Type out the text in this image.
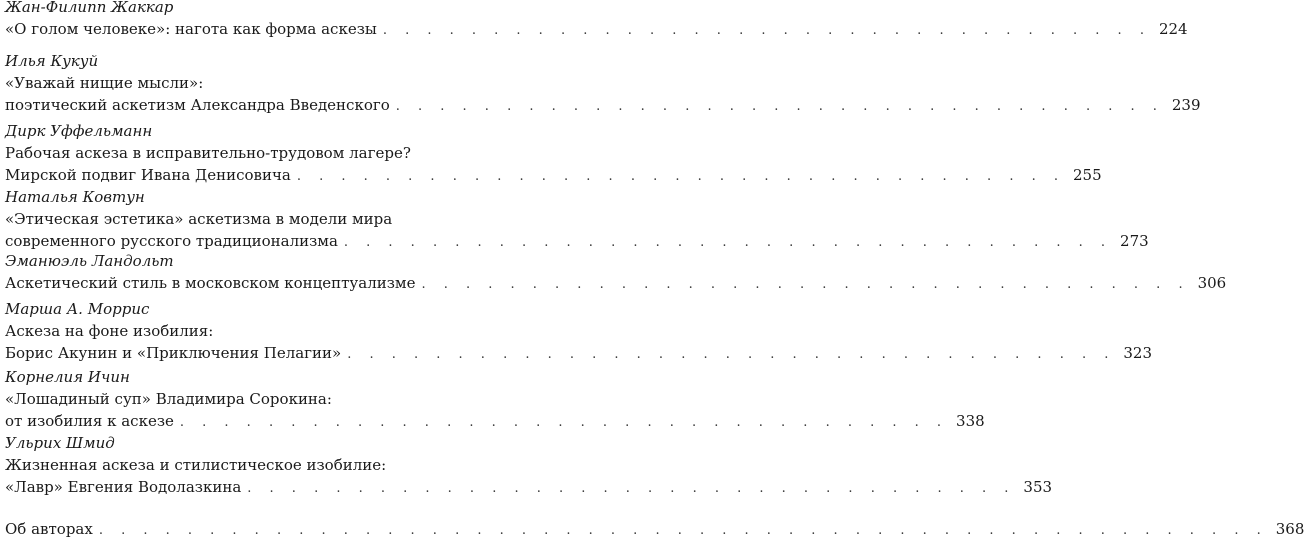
Жан-Филипп Жаккар
«О голом человеке»: нагота как форма аскезы . . . . . . . . . . . . . . . . . . . . . . . . . . . . . . . . . . . 224
Илья Кукуй
«Уважай нищие мысли»:
поэтический аскетизм Александра Введенского . . . . . . . . . . . . . . . . . . . . . . . . . . . . . . . . . . . 239
Дирк Уффельманн
Рабочая аскеза в исправительно-трудовом лагере?
Мирской подвиг Ивана Денисовича . . . . . . . . . . . . . . . . . . . . . . . . . . . . . . . . . . . 255
Наталья Ковтун
«Этическая эстетика» аскетизма в модели мира
современного русского традиционализма . . . . . . . . . . . . . . . . . . . . . . . . . . . . . . . . . . . 273
Эманюэль Ландольт
Аскетический стиль в московском концептуализме . . . . . . . . . . . . . . . . . . . . . . . . . . . . . . . . . . . 306
Марша А. Моррис
Аскеза на фоне изобилия:
Борис Акунин и «Приключения Пелагии» . . . . . . . . . . . . . . . . . . . . . . . . . . . . . . . . . . . 323
Корнелия Ичин
«Лошадиный суп» Владимира Сорокина:
от изобилия к аскезе . . . . . . . . . . . . . . . . . . . . . . . . . . . . . . . . . . . 338
Ульрих Шмид
Жизненная аскеза и стилистическое изобилие:
«Лавр» Евгения Водолазкина . . . . . . . . . . . . . . . . . . . . . . . . . . . . . . . . . . . 353
Об авторах . . . . . . . . . . . . . . . . . . . . . . . . . . . . . . . . . . . . . . . . . . . . . . . . . . . . . 368
